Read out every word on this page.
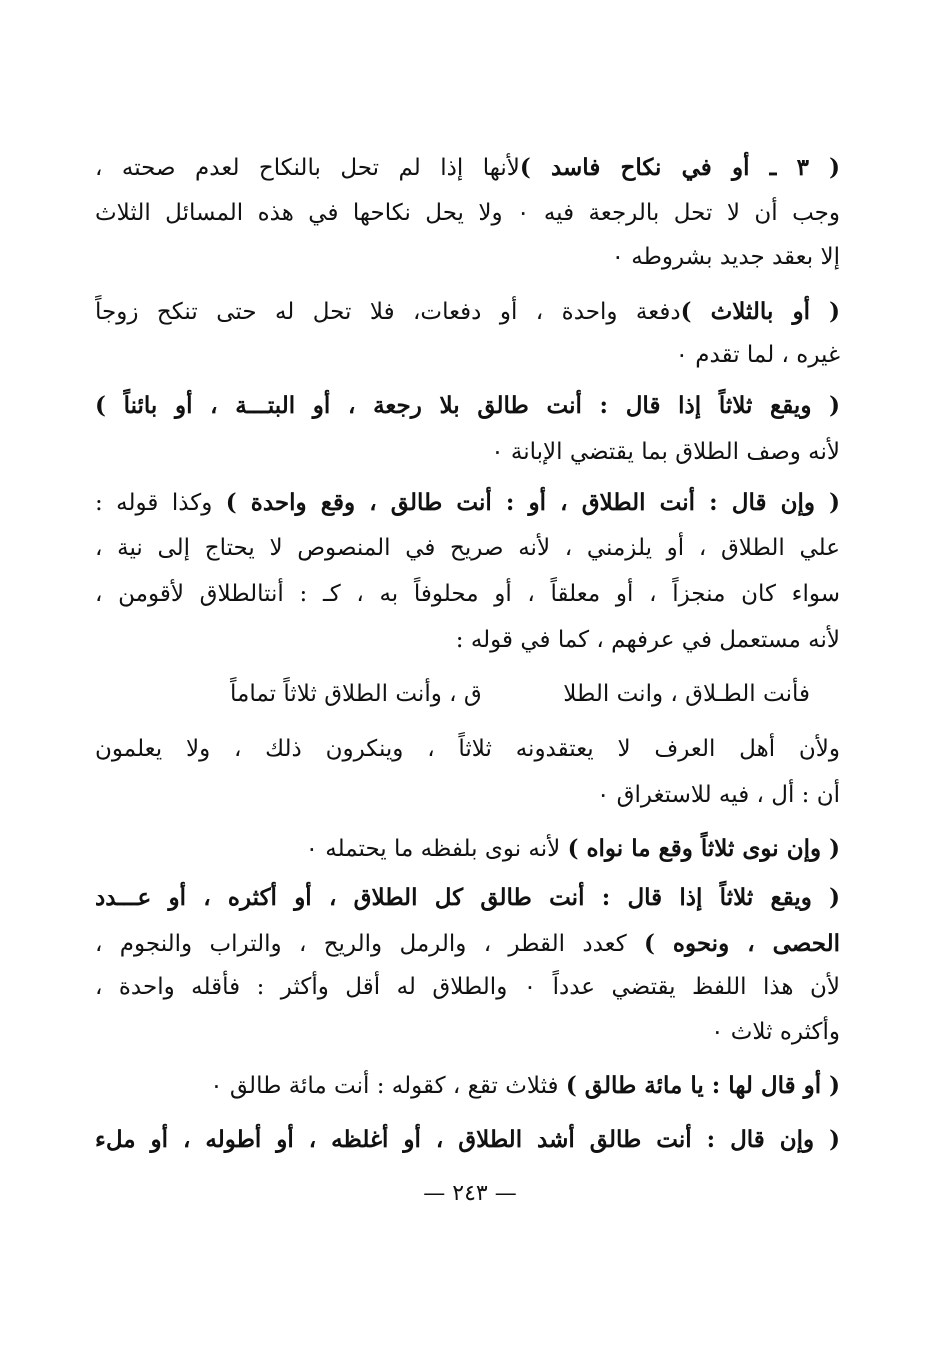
( ٣ ـ أو في نكاح فاسد )لأنها إذا لم تحل بالنكاح لعدم صحته ،
وجب أن لا تحل بالرجعة فيه ٠ ولا يحل نكاحها في هذه المسائل الثلاث
إلا بعقد جديد بشروطه ٠
( أو بالثلاث )دفعة واحدة ، أو دفعات، فلا تحل له حتى تنكح زوجاً
غيره ، لما تقدم ٠
( ويقع ثلاثاً إذا قال : أنت طالق بلا رجعة ، أو البتـــة ، أو بائناً )
لأنه وصف الطلاق بما يقتضي الإبانة ٠
( وإن قال : أنت الطلاق ، أو : أنت طالق ، وقع واحدة ) وكذا قوله :
علي الطلاق ، أو يلزمني ، لأنه صريح في المنصوص لا يحتاج إلى نية ،
سواء كان منجزاً ، أو معلقاً ، أو محلوفاً به ، كـ : أنتالطلاق لأقومن ،
لأنه مستعمل في عرفهم ، كما في قوله :
فأنت الطـلاق ، وانت الطلا
ق ، وأنت الطلاق ثلاثاً تماماً
ولأن أهل العرف لا يعتقدونه ثلاثاً ، وينكرون ذلك ، ولا يعلمون
أن : أل ، فيه للاستغراق ٠
( وإن نوى ثلاثاً وقع ما نواه ) لأنه نوى بلفظه ما يحتمله ٠
( ويقع ثلاثاً إذا قال : أنت طالق كل الطلاق ، أو أكثره ، أو عـــدد
الحصى ، ونحوه ) كعدد القطر ، والرمل والريح ، والتراب والنجوم ،
لأن هذا اللفظ يقتضي عدداً ٠ والطلاق له أقل وأكثر : فأقله واحدة ،
وأكثره ثلاث ٠
( أو قال لها : يا مائة طالق ) فثلاث تقع ، كقوله : أنت مائة طالق ٠
( وإن قال : أنت طالق أشد الطلاق ، أو أغلظه ، أو أطوله ، أو ملء
— ٢٤٣ —
